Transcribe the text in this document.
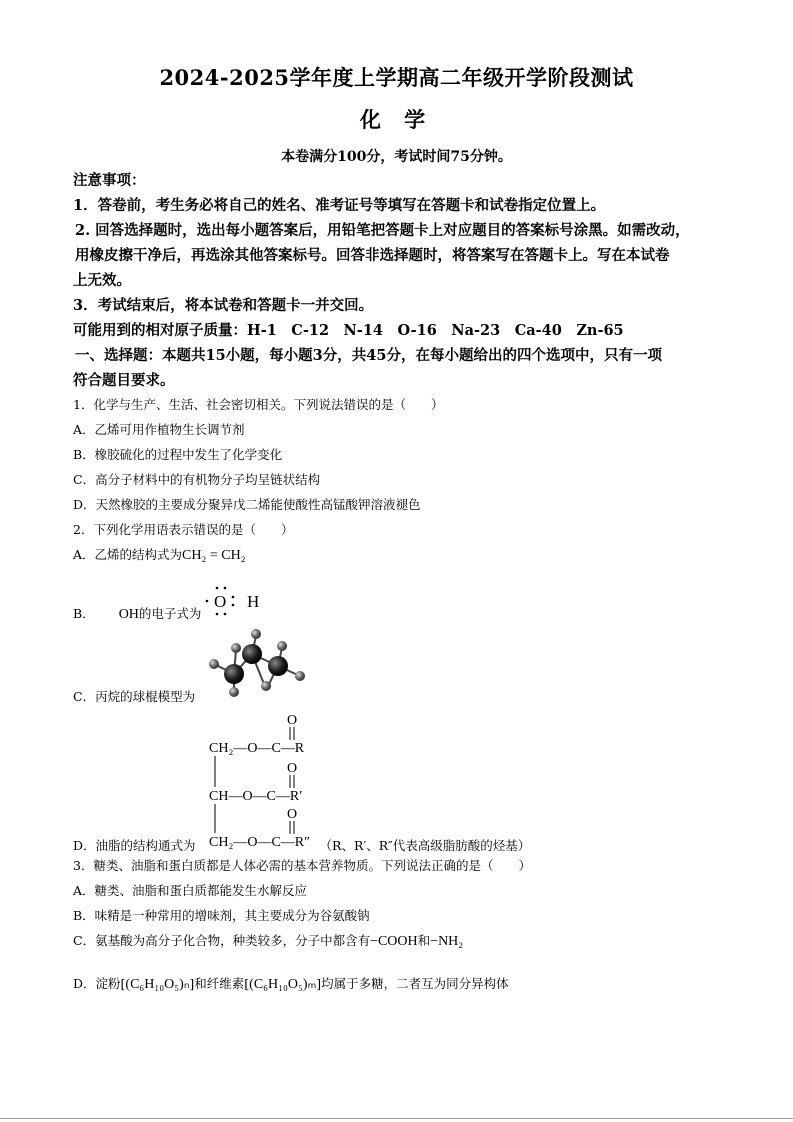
2024-2025学年度上学期高二年级开学阶段测试
化 学
本卷满分100分，考试时间75分钟。
注意事项：
1．答卷前，考生务必将自己的姓名、准考证号等填写在答题卡和试卷指定位置上。
2. 回答选择题时，选出每小题答案后，用铅笔把答题卡上对应题目的答案标号涂黑。如需改动，
用橡皮擦干净后，再选涂其他答案标号。回答非选择题时，将答案写在答题卡上。写在本试卷
上无效。
3．考试结束后，将本试卷和答题卡一并交回。
可能用到的相对原子质量：H-1　C-12　N-14　O-16　Na-23　Ca-40　Zn-65
一、选择题：本题共15小题，每小题3分，共45分，在每小题给出的四个选项中，只有一项
符合题目要求。
1．化学与生产、生活、社会密切相关。下列说法错误的是（　　）
A．乙烯可用作植物生长调节剂
B．橡胶硫化的过程中发生了化学变化
C．高分子材料中的有机物分子均呈链状结构
D．天然橡胶的主要成分聚异戊二烯能使酸性高锰酸钾溶液褪色
2．下列化学用语表示错误的是（　　）
A．乙烯的结构式为CH₂ = CH₂
B． OH的电子式为
O H
C．丙烷的球棍模型为
O
O
O
CH₂—O—C—R
CH—O—C—R′
CH₂—O—C—R″
D．油脂的结构通式为	（R、R′、R″代表高级脂肪酸的烃基）
3．糖类、油脂和蛋白质都是人体必需的基本营养物质。下列说法正确的是（　　）
A．糖类、油脂和蛋白质都能发生水解反应
B．味精是一种常用的增味剂，其主要成分为谷氨酸钠
C．氨基酸为高分子化合物，种类较多，分子中都含有−COOH和−NH₂
D．淀粉[(C₆H₁₀O₅)ₙ]和纤维素[(C₆H₁₀O₅)ₘ]均属于多糖，二者互为同分异构体
